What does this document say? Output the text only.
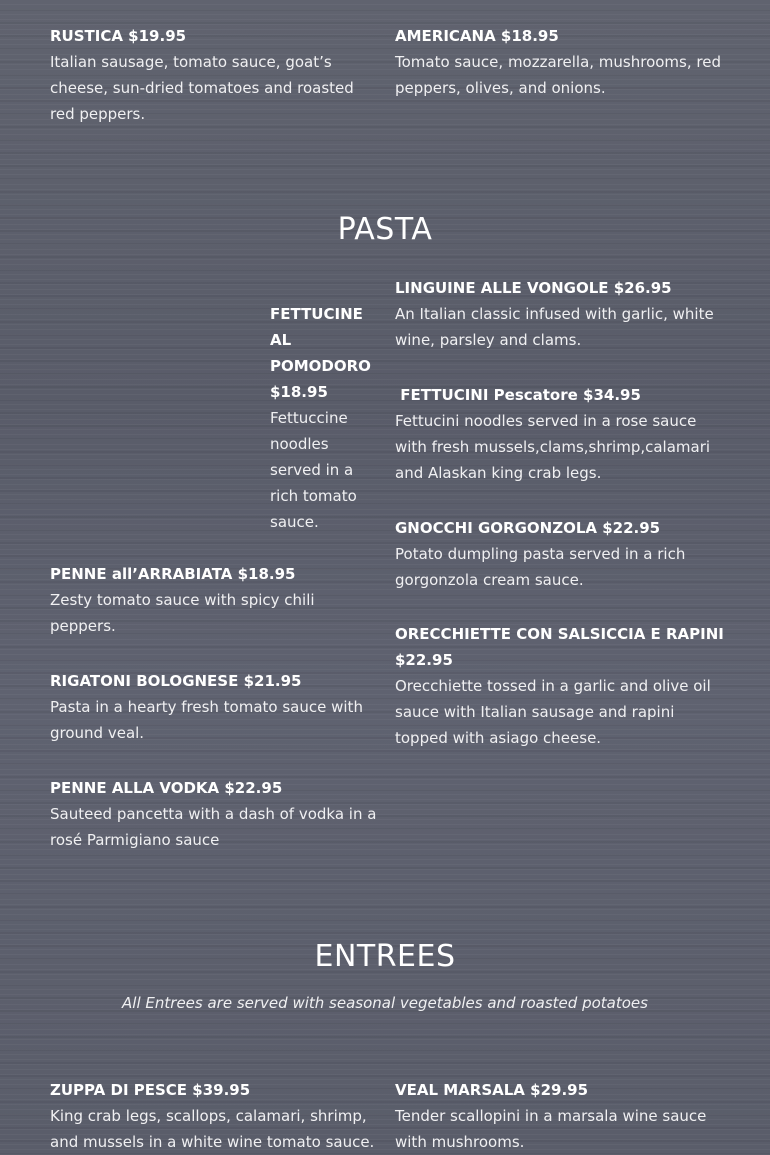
RUSTICA $19.95
Italian sausage, tomato sauce, goat’s cheese, sun-dried tomatoes and roasted red peppers.
AMERICANA $18.95
Tomato sauce, mozzarella, mushrooms, red peppers, olives, and onions.
PASTA
LINGUINE ALLE VONGOLE $26.95
An Italian classic infused with garlic, white wine, parsley and clams.
FETTUCINE AL POMODORO $18.95
Fettuccine noodles served in a rich tomato sauce.
FETTUCINI Pescatore $34.95
Fettucini noodles served in a rose sauce with fresh mussels,clams,shrimp,calamari and Alaskan king crab legs.
GNOCCHI GORGONZOLA $22.95
Potato dumpling pasta served in a rich gorgonzola cream sauce.
PENNE all’ARRABIATA $18.95
Zesty tomato sauce with spicy chili peppers.	ORECCHIETTE CON SALSICCIA E RAPINI $22.95
Orecchiette tossed in a garlic and olive oil sauce with Italian sausage and rapini topped with asiago cheese.
RIGATONI BOLOGNESE $21.95
Pasta in a hearty fresh tomato sauce with ground veal.
PENNE ALLA VODKA $22.95
Sauteed pancetta with a dash of vodka in a rosé Parmigiano sauce
ENTREES
All Entrees are served with seasonal vegetables and roasted potatoes
ZUPPA DI PESCE $39.95
King crab legs, scallops, calamari, shrimp, and mussels in a white wine tomato sauce.
VEAL MARSALA $29.95
Tender scallopini in a marsala wine sauce with mushrooms.
